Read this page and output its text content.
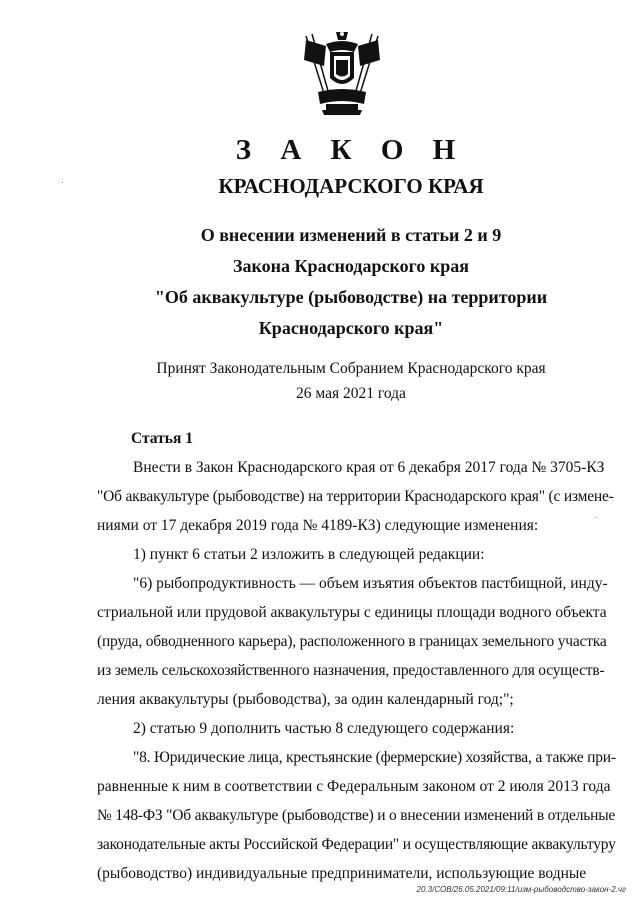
З А К О Н
КРАСНОДАРСКОГО КРАЯ
О внесении изменений в статьи 2 и 9
Закона Краснодарского края
"Об аквакультуре (рыбоводстве) на территории
Краснодарского края"
Принят Законодательным Собранием Краснодарского края
26 мая 2021 года
Статья 1
Внести в Закон Краснодарского края от 6 декабря 2017 года № 3705-КЗ
"Об аквакультуре (рыбоводстве) на территории Краснодарского края" (с измене-
ниями от 17 декабря 2019 года № 4189-КЗ) следующие изменения:
1) пункт 6 статьи 2 изложить в следующей редакции:
"6) рыбопродуктивность — объем изъятия объектов пастбищной, инду-
стриальной или прудовой аквакультуры с единицы площади водного объекта
(пруда, обводненного карьера), расположенного в границах земельного участка
из земель сельскохозяйственного назначения, предоставленного для осуществ-
ления аквакультуры (рыбоводства), за один календарный год;";
2) статью 9 дополнить частью 8 следующего содержания:
"8. Юридические лица, крестьянские (фермерские) хозяйства, а также при-
равненные к ним в соответствии с Федеральным законом от 2 июля 2013 года
№ 148-ФЗ "Об аквакультуре (рыбоводстве) и о внесении изменений в отдельные
законодательные акты Российской Федерации" и осуществляющие аквакультуру
(рыбоводство) индивидуальные предприниматели, использующие водные
20.3/СОВ/26.05.2021/09:11/изм-рыбоводство-закон-2.чг
